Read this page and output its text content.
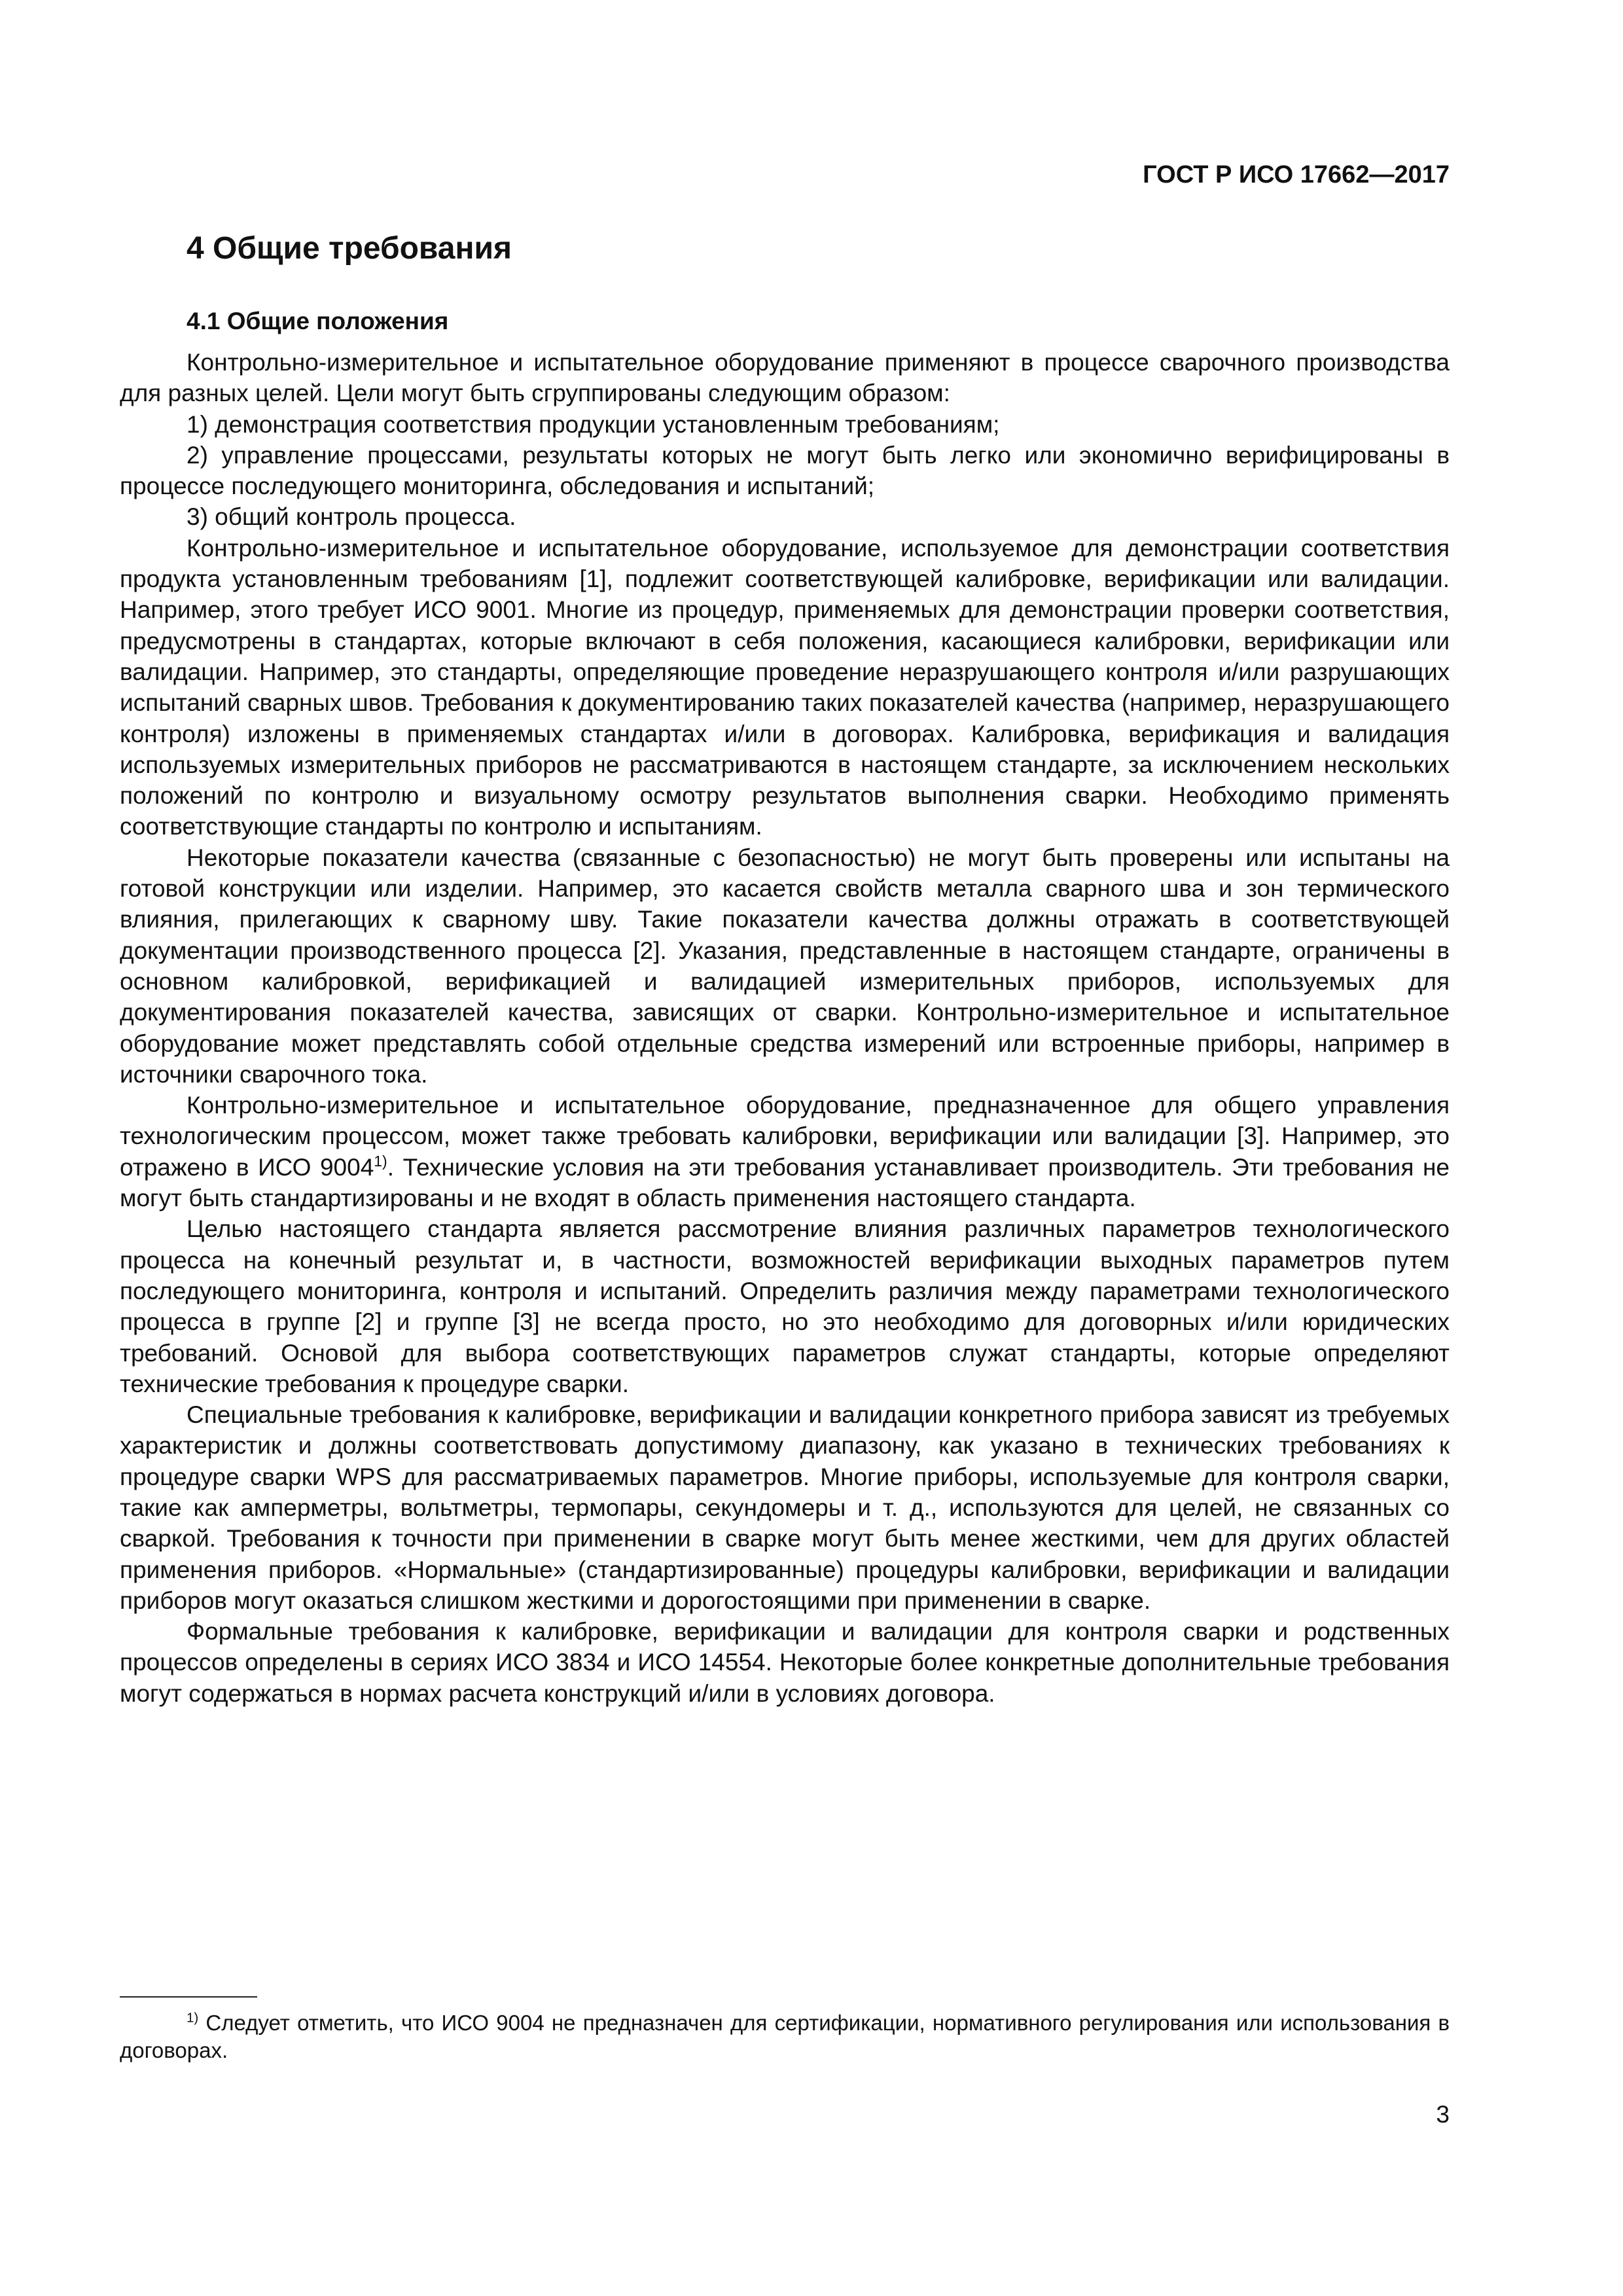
ГОСТ Р ИСО 17662—2017

4 Общие требования
4.1 Общие положения

Контрольно-измерительное и испытательное оборудование применяют в процессе сварочного производства для разных целей. Цели могут быть сгруппированы следующим образом:

1) демонстрация соответствия продукции установленным требованиям;

2) управление процессами, результаты которых не могут быть легко или экономично верифицированы в процессе последующего мониторинга, обследования и испытаний;

3) общий контроль процесса.

Контрольно-измерительное и испытательное оборудование, используемое для демонстрации соответствия продукта установленным требованиям [1], подлежит соответствующей калибровке, верификации или валидации. Например, этого требует ИСО 9001. Многие из процедур, применяемых для демонстрации проверки соответствия, предусмотрены в стандартах, которые включают в себя положения, касающиеся калибровки, верификации или валидации. Например, это стандарты, определяющие проведение неразрушающего контроля и/или разрушающих испытаний сварных швов. Требования к документированию таких показателей качества (например, неразрушающего контроля) изложены в применяемых стандартах и/или в договорах. Калибровка, верификация и валидация используемых измерительных приборов не рассматриваются в настоящем стандарте, за исключением нескольких положений по контролю и визуальному осмотру результатов выполнения сварки. Необходимо применять соответствующие стандарты по контролю и испытаниям.

Некоторые показатели качества (связанные с безопасностью) не могут быть проверены или испытаны на готовой конструкции или изделии. Например, это касается свойств металла сварного шва и зон термического влияния, прилегающих к сварному шву. Такие показатели качества должны отражать в соответствующей документации производственного процесса [2]. Указания, представленные в настоящем стандарте, ограничены в основном калибровкой, верификацией и валидацией измерительных приборов, используемых для документирования показателей качества, зависящих от сварки. Контрольно-измерительное и испытательное оборудование может представлять собой отдельные средства измерений или встроенные приборы, например в источники сварочного тока.

Контрольно-измерительное и испытательное оборудование, предназначенное для общего управления технологическим процессом, может также требовать калибровки, верификации или валидации [3]. Например, это отражено в ИСО 9004$^{1)}$. Технические условия на эти требования устанавливает производитель. Эти требования не могут быть стандартизированы и не входят в область применения настоящего стандарта.

Целью настоящего стандарта является рассмотрение влияния различных параметров технологического процесса на конечный результат и, в частности, возможностей верификации выходных параметров путем последующего мониторинга, контроля и испытаний. Определить различия между параметрами технологического процесса в группе [2] и группе [3] не всегда просто, но это необходимо для договорных и/или юридических требований. Основой для выбора соответствующих параметров служат стандарты, которые определяют технические требования к процедуре сварки.

Специальные требования к калибровке, верификации и валидации конкретного прибора зависят из требуемых характеристик и должны соответствовать допустимому диапазону, как указано в технических требованиях к процедуре сварки WPS для рассматриваемых параметров. Многие приборы, используемые для контроля сварки, такие как амперметры, вольтметры, термопары, секундомеры и т. д., используются для целей, не связанных со сваркой. Требования к точности при применении в сварке могут быть менее жесткими, чем для других областей применения приборов. «Нормальные» (стандартизированные) процедуры калибровки, верификации и валидации приборов могут оказаться слишком жесткими и дорогостоящими при применении в сварке.

Формальные требования к калибровке, верификации и валидации для контроля сварки и родственных процессов определены в сериях ИСО 3834 и ИСО 14554. Некоторые более конкретные дополнительные требования могут содержаться в нормах расчета конструкций и/или в условиях договора.

$^{1)}$ Следует отметить, что ИСО 9004 не предназначен для сертификации, нормативного регулирования или использования в договорах.

3
